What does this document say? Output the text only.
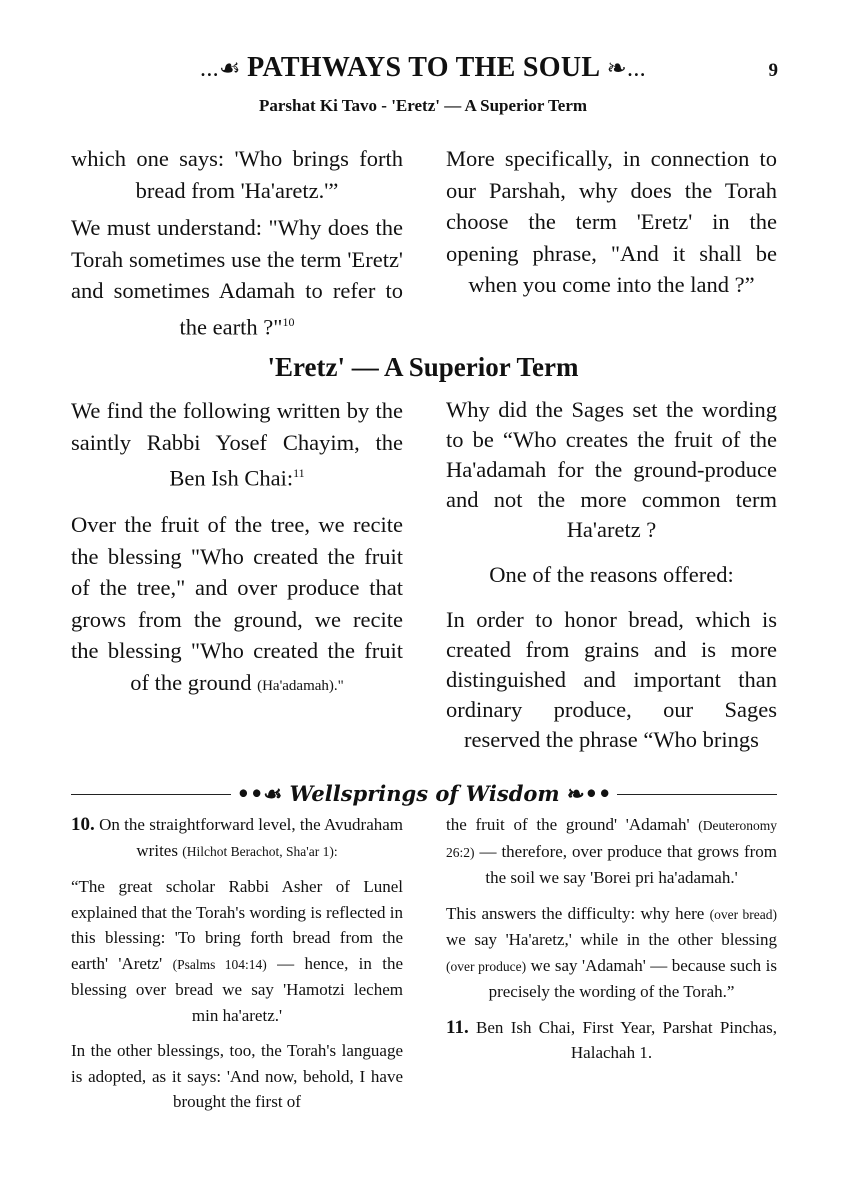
...☙ PATHWAYS TO THE SOUL ❧...	9
Parshat Ki Tavo - 'Eretz' — A Superior Term

which one says: 'Who brings forth bread from 'Ha'aretz.'”

We must understand: "Why does the Torah sometimes use the term 'Eretz' and sometimes Adamah to refer to the earth ?"$^{10}$

More specifically, in connection to our Parshah, why does the Torah choose the term 'Eretz' in the opening phrase, "And it shall be when you come into the land ?”

'Eretz' — A Superior Term

We find the following written by the saintly Rabbi Yosef Chayim, the Ben Ish Chai:$^{11}$

Over the fruit of the tree, we recite the blessing "Who created the fruit of the tree," and over produce that grows from the ground, we recite the blessing "Who created the fruit of the ground (Ha'adamah)."

Why did the Sages set the wording to be “Who creates the fruit of the Ha'adamah for the ground-produce and not the more common term Ha'aretz ?

One of the reasons offered:

In order to honor bread, which is created from grains and is more distinguished and important than ordinary produce, our Sages reserved the phrase “Who brings

••☙ Wellsprings of Wisdom ❧••

10. On the straightforward level, the Avudraham writes (Hilchot Berachot, Sha'ar 1):

“The great scholar Rabbi Asher of Lunel explained that the Torah's wording is reflected in this blessing: 'To bring forth bread from the earth' 'Aretz' (Psalms 104:14) — hence, in the blessing over bread we say 'Hamotzi lechem min ha'aretz.'

In the other blessings, too, the Torah's language is adopted, as it says: 'And now, behold, I have brought the first of

the fruit of the ground' 'Adamah' (Deuteronomy 26:2) — therefore, over produce that grows from the soil we say 'Borei pri ha'adamah.'

This answers the difficulty: why here (over bread) we say 'Ha'aretz,' while in the other blessing (over produce) we say 'Adamah' — because such is precisely the wording of the Torah.”

11. Ben Ish Chai, First Year, Parshat Pinchas, Halachah 1.
